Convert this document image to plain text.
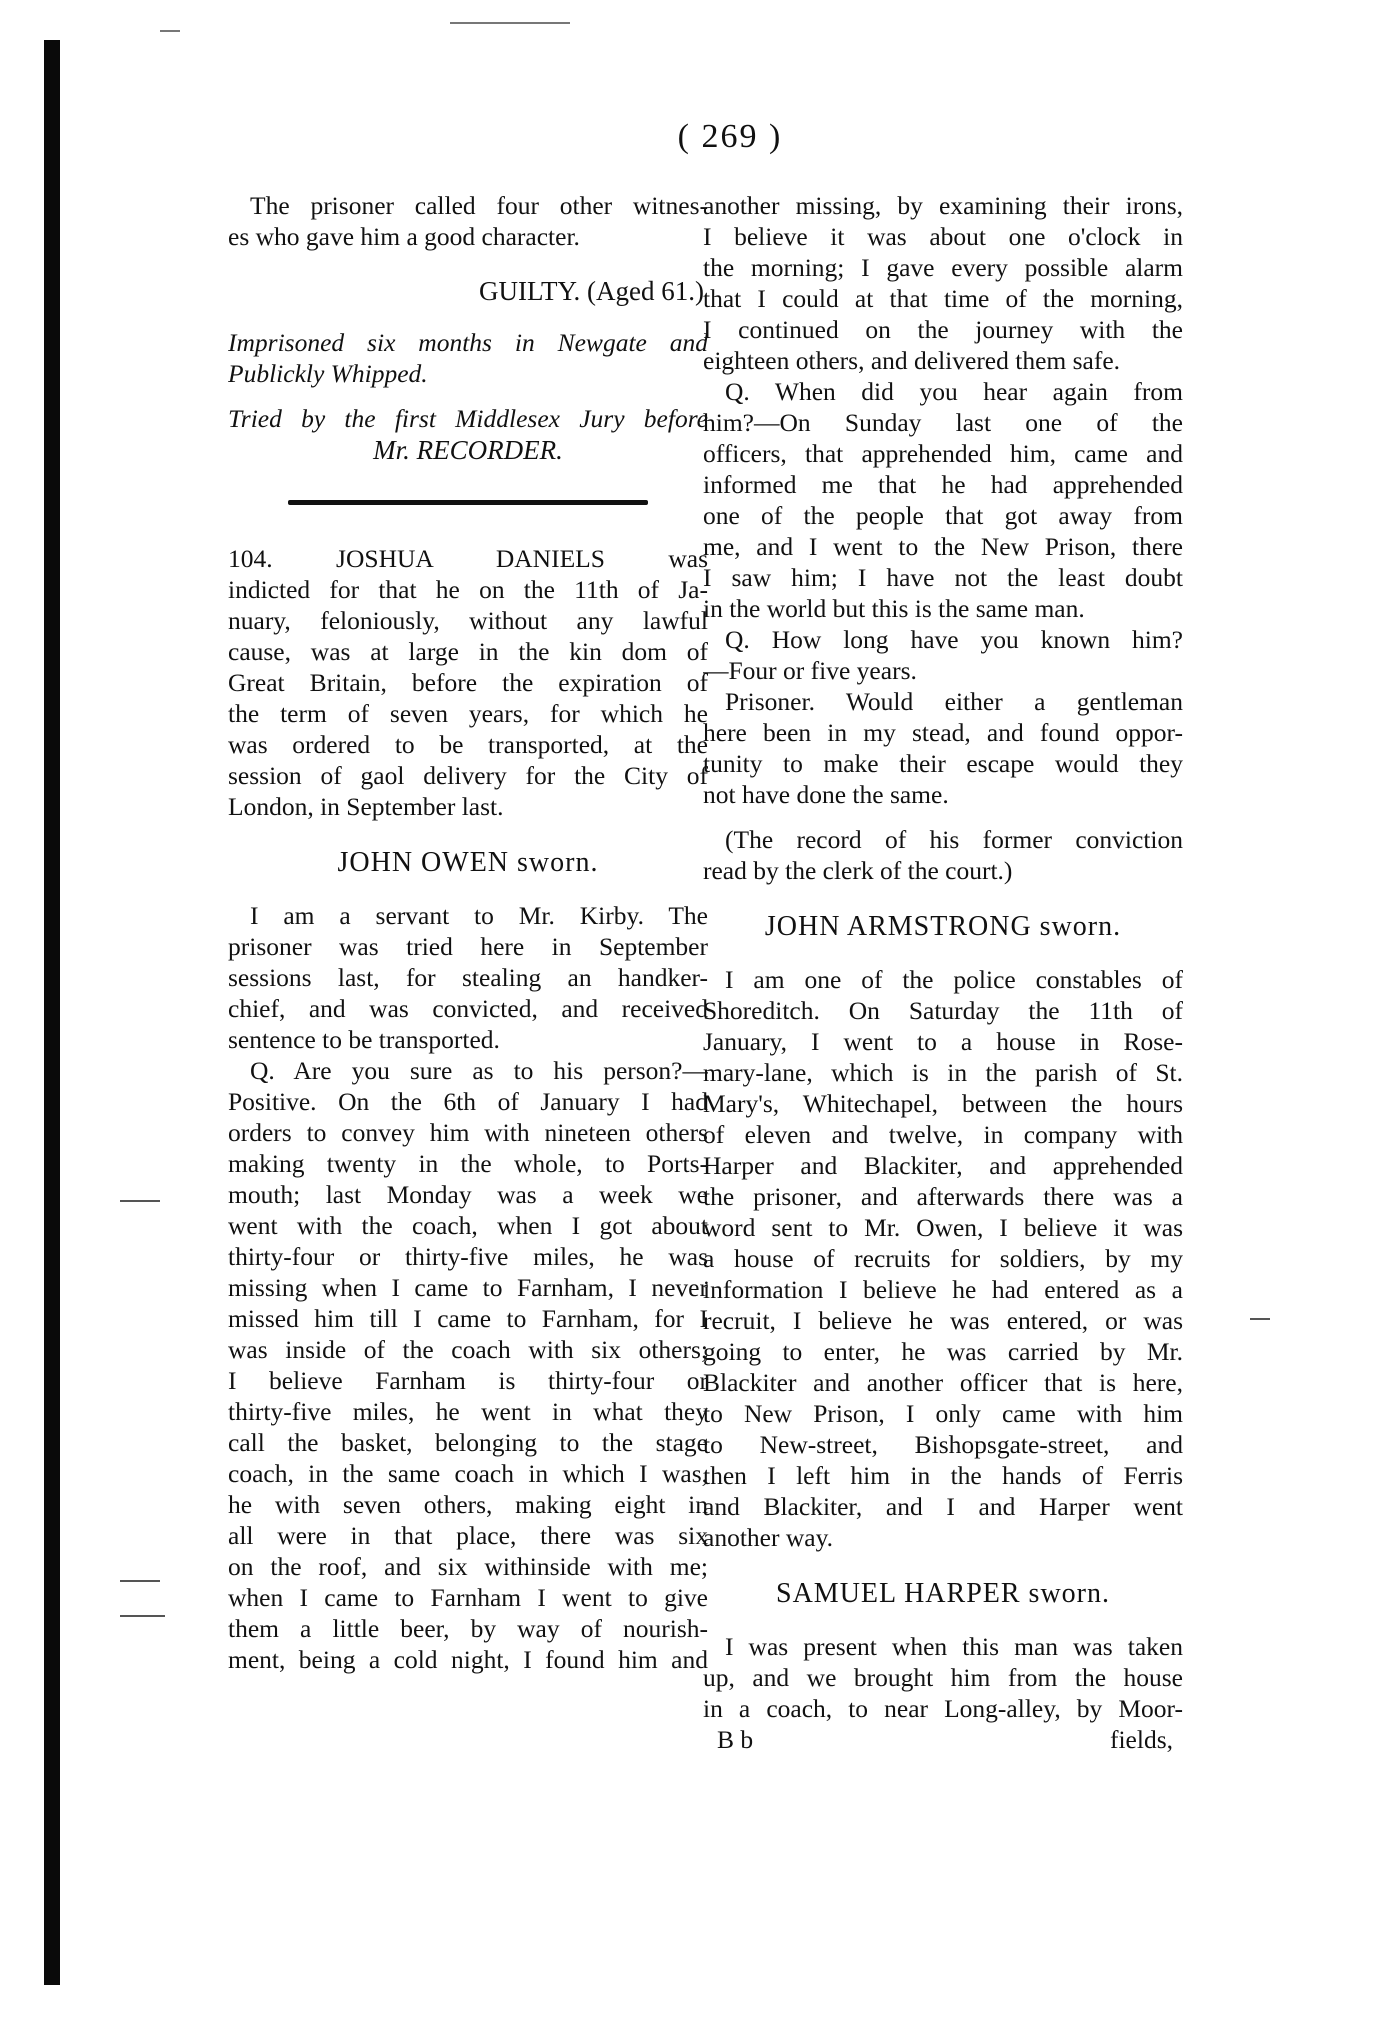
( 269 )
The prisoner called four other witnes-
es who gave him a good character.
GUILTY. (Aged 61.)
Imprisoned six months in Newgate and
Publickly Whipped.
Tried by the first Middlesex Jury before
Mr. RECORDER.
104. JOSHUA DANIELS was
indicted for that he on the 11th of Ja-
nuary, feloniously, without any lawful
cause, was at large in the kin dom of
Great Britain, before the expiration of
the term of seven years, for which he
was ordered to be transported, at the
session of gaol delivery for the City of
London, in September last.
JOHN OWEN sworn.
I am a servant to Mr. Kirby. The
prisoner was tried here in September
sessions last, for stealing an handker-
chief, and was convicted, and received
sentence to be transported.
Q. Are you sure as to his person?—
Positive. On the 6th of January I had
orders to convey him with nineteen others
making twenty in the whole, to Ports-
mouth; last Monday was a week we
went with the coach, when I got about
thirty-four or thirty-five miles, he was
missing when I came to Farnham, I never
missed him till I came to Farnham, for I
was inside of the coach with six others;
I believe Farnham is thirty-four or
thirty-five miles, he went in what they
call the basket, belonging to the stage
coach, in the same coach in which I was,
he with seven others, making eight in
all were in that place, there was six
on the roof, and six withinside with me;
when I came to Farnham I went to give
them a little beer, by way of nourish-
ment, being a cold night, I found him and
another missing, by examining their irons,
I believe it was about one o'clock in
the morning; I gave every possible alarm
that I could at that time of the morning,
I continued on the journey with the
eighteen others, and delivered them safe.
Q. When did you hear again from
him?—On Sunday last one of the
officers, that apprehended him, came and
informed me that he had apprehended
one of the people that got away from
me, and I went to the New Prison, there
I saw him; I have not the least doubt
in the world but this is the same man.
Q. How long have you known him?
—Four or five years.
Prisoner. Would either a gentleman
here been in my stead, and found oppor-
tunity to make their escape would they
not have done the same.
(The record of his former conviction
read by the clerk of the court.)
JOHN ARMSTRONG sworn.
I am one of the police constables of
Shoreditch. On Saturday the 11th of
January, I went to a house in Rose-
mary-lane, which is in the parish of St.
Mary's, Whitechapel, between the hours
of eleven and twelve, in company with
Harper and Blackiter, and apprehended
the prisoner, and afterwards there was a
word sent to Mr. Owen, I believe it was
a house of recruits for soldiers, by my
information I believe he had entered as a
recruit, I believe he was entered, or was
going to enter, he was carried by Mr.
Blackiter and another officer that is here,
to New Prison, I only came with him
to New-street, Bishopsgate-street, and
then I left him in the hands of Ferris
and Blackiter, and I and Harper went
another way.
SAMUEL HARPER sworn.
I was present when this man was taken
up, and we brought him from the house
in a coach, to near Long-alley, by Moor-
B b	fields,
